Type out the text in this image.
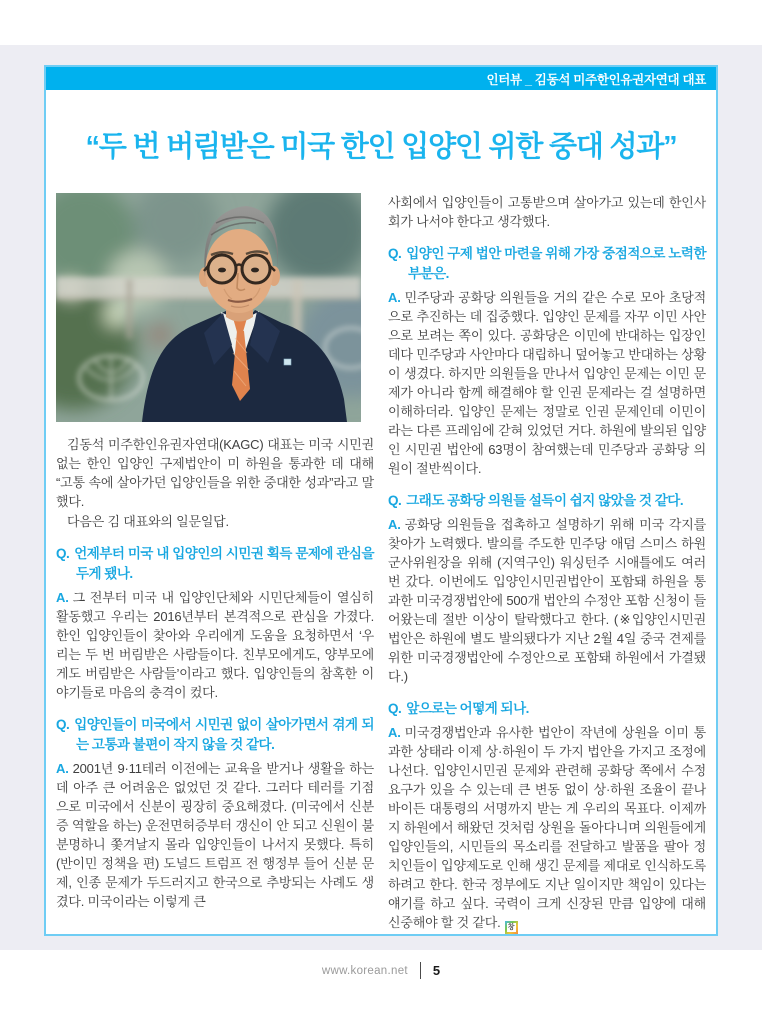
인터뷰 _ 김동석 미주한인유권자연대 대표
“두 번 버림받은 미국 한인 입양인 위한 중대 성과”

김동석 미주한인유권자연대(KAGC) 대표는 미국 시민권 없는 한인 입양인 구제법안이 미 하원을 통과한 데 대해 “고통 속에 살아가던 입양인들을 위한 중대한 성과”라고 말했다.

다음은 김 대표와의 일문일답.

Q. 언제부터 미국 내 입양인의 시민권 획득 문제에 관심을 두게 됐나.

A. 그 전부터 미국 내 입양인단체와 시민단체들이 열심히 활동했고 우리는 2016년부터 본격적으로 관심을 가졌다. 한인 입양인들이 찾아와 우리에게 도움을 요청하면서 ‘우리는 두 번 버림받은 사람들이다. 친부모에게도, 양부모에게도 버림받은 사람들’이라고 했다. 입양인들의 참혹한 이야기들로 마음의 충격이 컸다.

Q. 입양인들이 미국에서 시민권 없이 살아가면서 겪게 되는 고통과 불편이 작지 않을 것 같다.

A. 2001년 9·11테러 이전에는 교육을 받거나 생활을 하는 데 아주 큰 어려움은 없었던 것 같다. 그러다 테러를 기점으로 미국에서 신분이 굉장히 중요해졌다. (미국에서 신분증 역할을 하는) 운전면허증부터 갱신이 안 되고 신원이 불분명하니 쫓겨날지 몰라 입양인들이 나서지 못했다. 특히 (반이민 정책을 편) 도널드 트럼프 전 행정부 들어 신분 문제, 인종 문제가 두드러지고 한국으로 추방되는 사례도 생겼다. 미국이라는 이렇게 큰

사회에서 입양인들이 고통받으며 살아가고 있는데 한인사회가 나서야 한다고 생각했다.

Q. 입양인 구제 법안 마련을 위해 가장 중점적으로 노력한 부분은.

A. 민주당과 공화당 의원들을 거의 같은 수로 모아 초당적으로 추진하는 데 집중했다. 입양인 문제를 자꾸 이민 사안으로 보려는 쪽이 있다. 공화당은 이민에 반대하는 입장인데다 민주당과 사안마다 대립하니 덮어놓고 반대하는 상황이 생겼다. 하지만 의원들을 만나서 입양인 문제는 이민 문제가 아니라 함께 해결해야 할 인권 문제라는 걸 설명하면 이해하더라. 입양인 문제는 정말로 인권 문제인데 이민이라는 다른 프레임에 갇혀 있었던 거다. 하원에 발의된 입양인 시민권 법안에 63명이 참여했는데 민주당과 공화당 의원이 절반씩이다.

Q. 그래도 공화당 의원들 설득이 쉽지 않았을 것 같다.

A. 공화당 의원들을 접촉하고 설명하기 위해 미국 각지를 찾아가 노력했다. 발의를 주도한 민주당 애덤 스미스 하원 군사위원장을 위해 (지역구인) 워싱턴주 시애틀에도 여러 번 갔다. 이번에도 입양인시민권법안이 포함돼 하원을 통과한 미국경쟁법안에 500개 법안의 수정안 포함 신청이 들어왔는데 절반 이상이 탈락했다고 한다. (※입양인시민권법안은 하원에 별도 발의됐다가 지난 2월 4일 중국 견제를 위한 미국경쟁법안에 수정안으로 포함돼 하원에서 가결됐다.)

Q. 앞으로는 어떻게 되나.

A. 미국경쟁법안과 유사한 법안이 작년에 상원을 이미 통과한 상태라 이제 상·하원이 두 가지 법안을 가지고 조정에 나선다. 입양인시민권 문제와 관련해 공화당 쪽에서 수정 요구가 있을 수 있는데 큰 변동 없이 상·하원 조율이 끝나 바이든 대통령의 서명까지 받는 게 우리의 목표다. 이제까지 하원에서 해왔던 것처럼 상원을 돌아다니며 의원들에게 입양인들의, 시민들의 목소리를 전달하고 발품을 팔아 정치인들이 입양제도로 인해 생긴 문제를 제대로 인식하도록 하려고 한다. 한국 정부에도 지난 일이지만 책임이 있다는 얘기를 하고 싶다. 국력이 크게 신장된 만큼 입양에 대해 신중해야 할 것 같다. 창

www.korean.net 5
